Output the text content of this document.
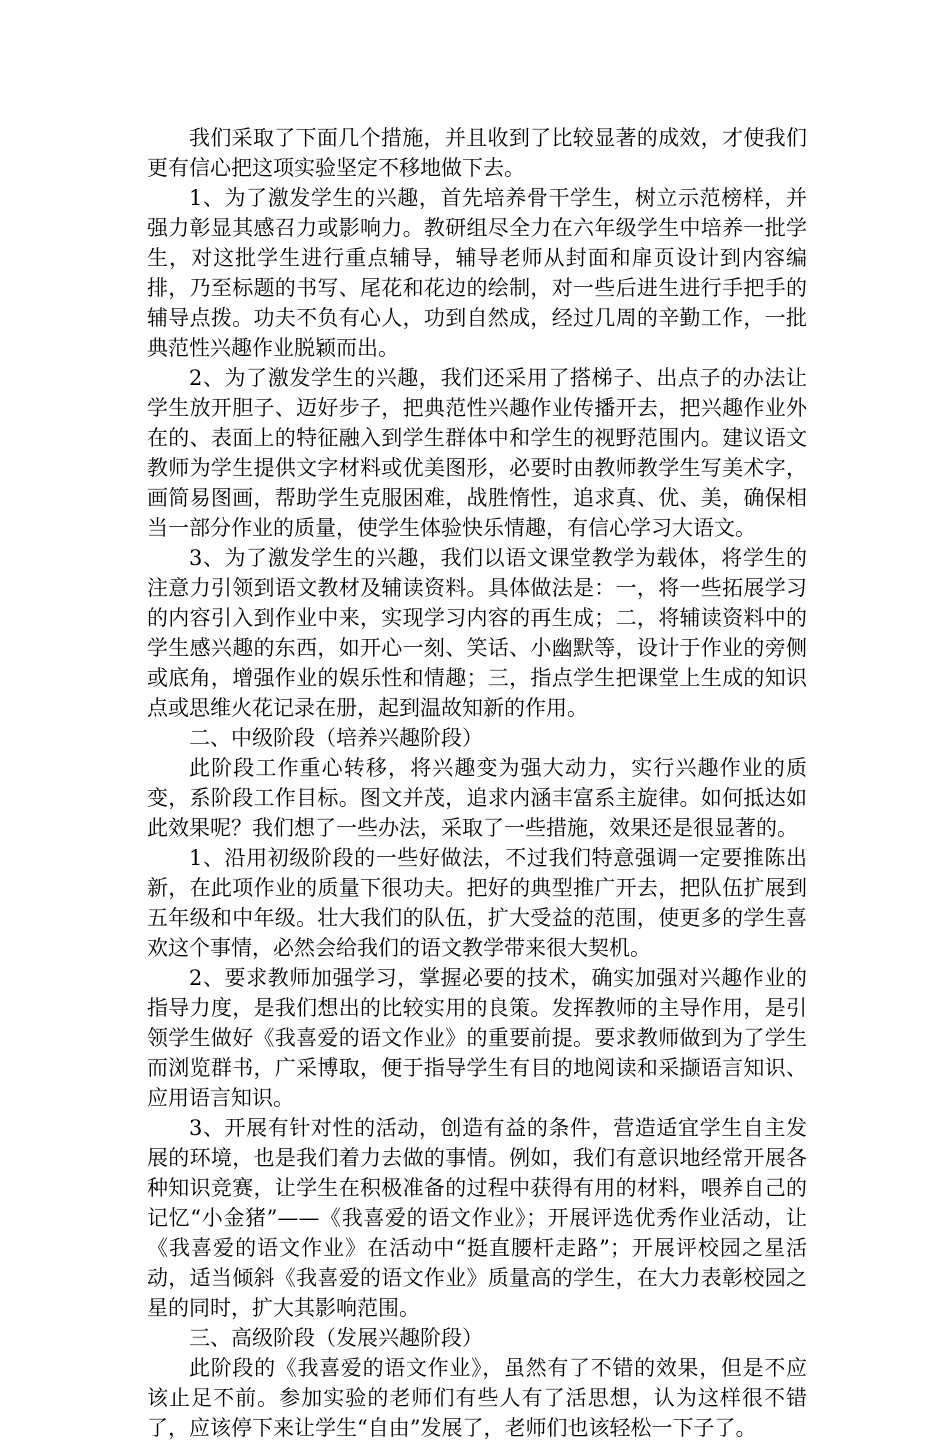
我们采取了下面几个措施，并且收到了比较显著的成效，才使我们更有信心把这项实验坚定不移地做下去。

1、为了激发学生的兴趣，首先培养骨干学生，树立示范榜样，并强力彰显其感召力或影响力。教研组尽全力在六年级学生中培养一批学生，对这批学生进行重点辅导，辅导老师从封面和扉页设计到内容编排，乃至标题的书写、尾花和花边的绘制，对一些后进生进行手把手的辅导点拨。功夫不负有心人，功到自然成，经过几周的辛勤工作，一批典范性兴趣作业脱颖而出。

2、为了激发学生的兴趣，我们还采用了搭梯子、出点子的办法让学生放开胆子、迈好步子，把典范性兴趣作业传播开去，把兴趣作业外在的、表面上的特征融入到学生群体中和学生的视野范围内。建议语文教师为学生提供文字材料或优美图形，必要时由教师教学生写美术字，画简易图画，帮助学生克服困难，战胜惰性，追求真、优、美，确保相当一部分作业的质量，使学生体验快乐情趣，有信心学习大语文。

3、为了激发学生的兴趣，我们以语文课堂教学为载体，将学生的注意力引领到语文教材及辅读资料。具体做法是：一，将一些拓展学习的内容引入到作业中来，实现学习内容的再生成；二，将辅读资料中的学生感兴趣的东西，如开心一刻、笑话、小幽默等，设计于作业的旁侧或底角，增强作业的娱乐性和情趣；三，指点学生把课堂上生成的知识点或思维火花记录在册，起到温故知新的作用。

二、中级阶段（培养兴趣阶段）

此阶段工作重心转移，将兴趣变为强大动力，实行兴趣作业的质变，系阶段工作目标。图文并茂，追求内涵丰富系主旋律。如何抵达如此效果呢？我们想了一些办法，采取了一些措施，效果还是很显著的。

1、沿用初级阶段的一些好做法，不过我们特意强调一定要推陈出新，在此项作业的质量下很功夫。把好的典型推广开去，把队伍扩展到五年级和中年级。壮大我们的队伍，扩大受益的范围，使更多的学生喜欢这个事情，必然会给我们的语文教学带来很大契机。

2、要求教师加强学习，掌握必要的技术，确实加强对兴趣作业的指导力度，是我们想出的比较实用的良策。发挥教师的主导作用，是引领学生做好《我喜爱的语文作业》的重要前提。要求教师做到为了学生而浏览群书，广采博取，便于指导学生有目的地阅读和采撷语言知识、应用语言知识。

3、开展有针对性的活动，创造有益的条件，营造适宜学生自主发展的环境，也是我们着力去做的事情。例如，我们有意识地经常开展各种知识竞赛，让学生在积极准备的过程中获得有用的材料，喂养自己的记忆“小金猪”——《我喜爱的语文作业》；开展评选优秀作业活动，让《我喜爱的语文作业》在活动中“挺直腰杆走路”；开展评校园之星活动，适当倾斜《我喜爱的语文作业》质量高的学生，在大力表彰校园之星的同时，扩大其影响范围。

三、高级阶段（发展兴趣阶段）

此阶段的《我喜爱的语文作业》，虽然有了不错的效果，但是不应该止足不前。参加实验的老师们有些人有了活思想，认为这样很不错了，应该停下来让学生“自由”发展了，老师们也该轻松一下子了。
